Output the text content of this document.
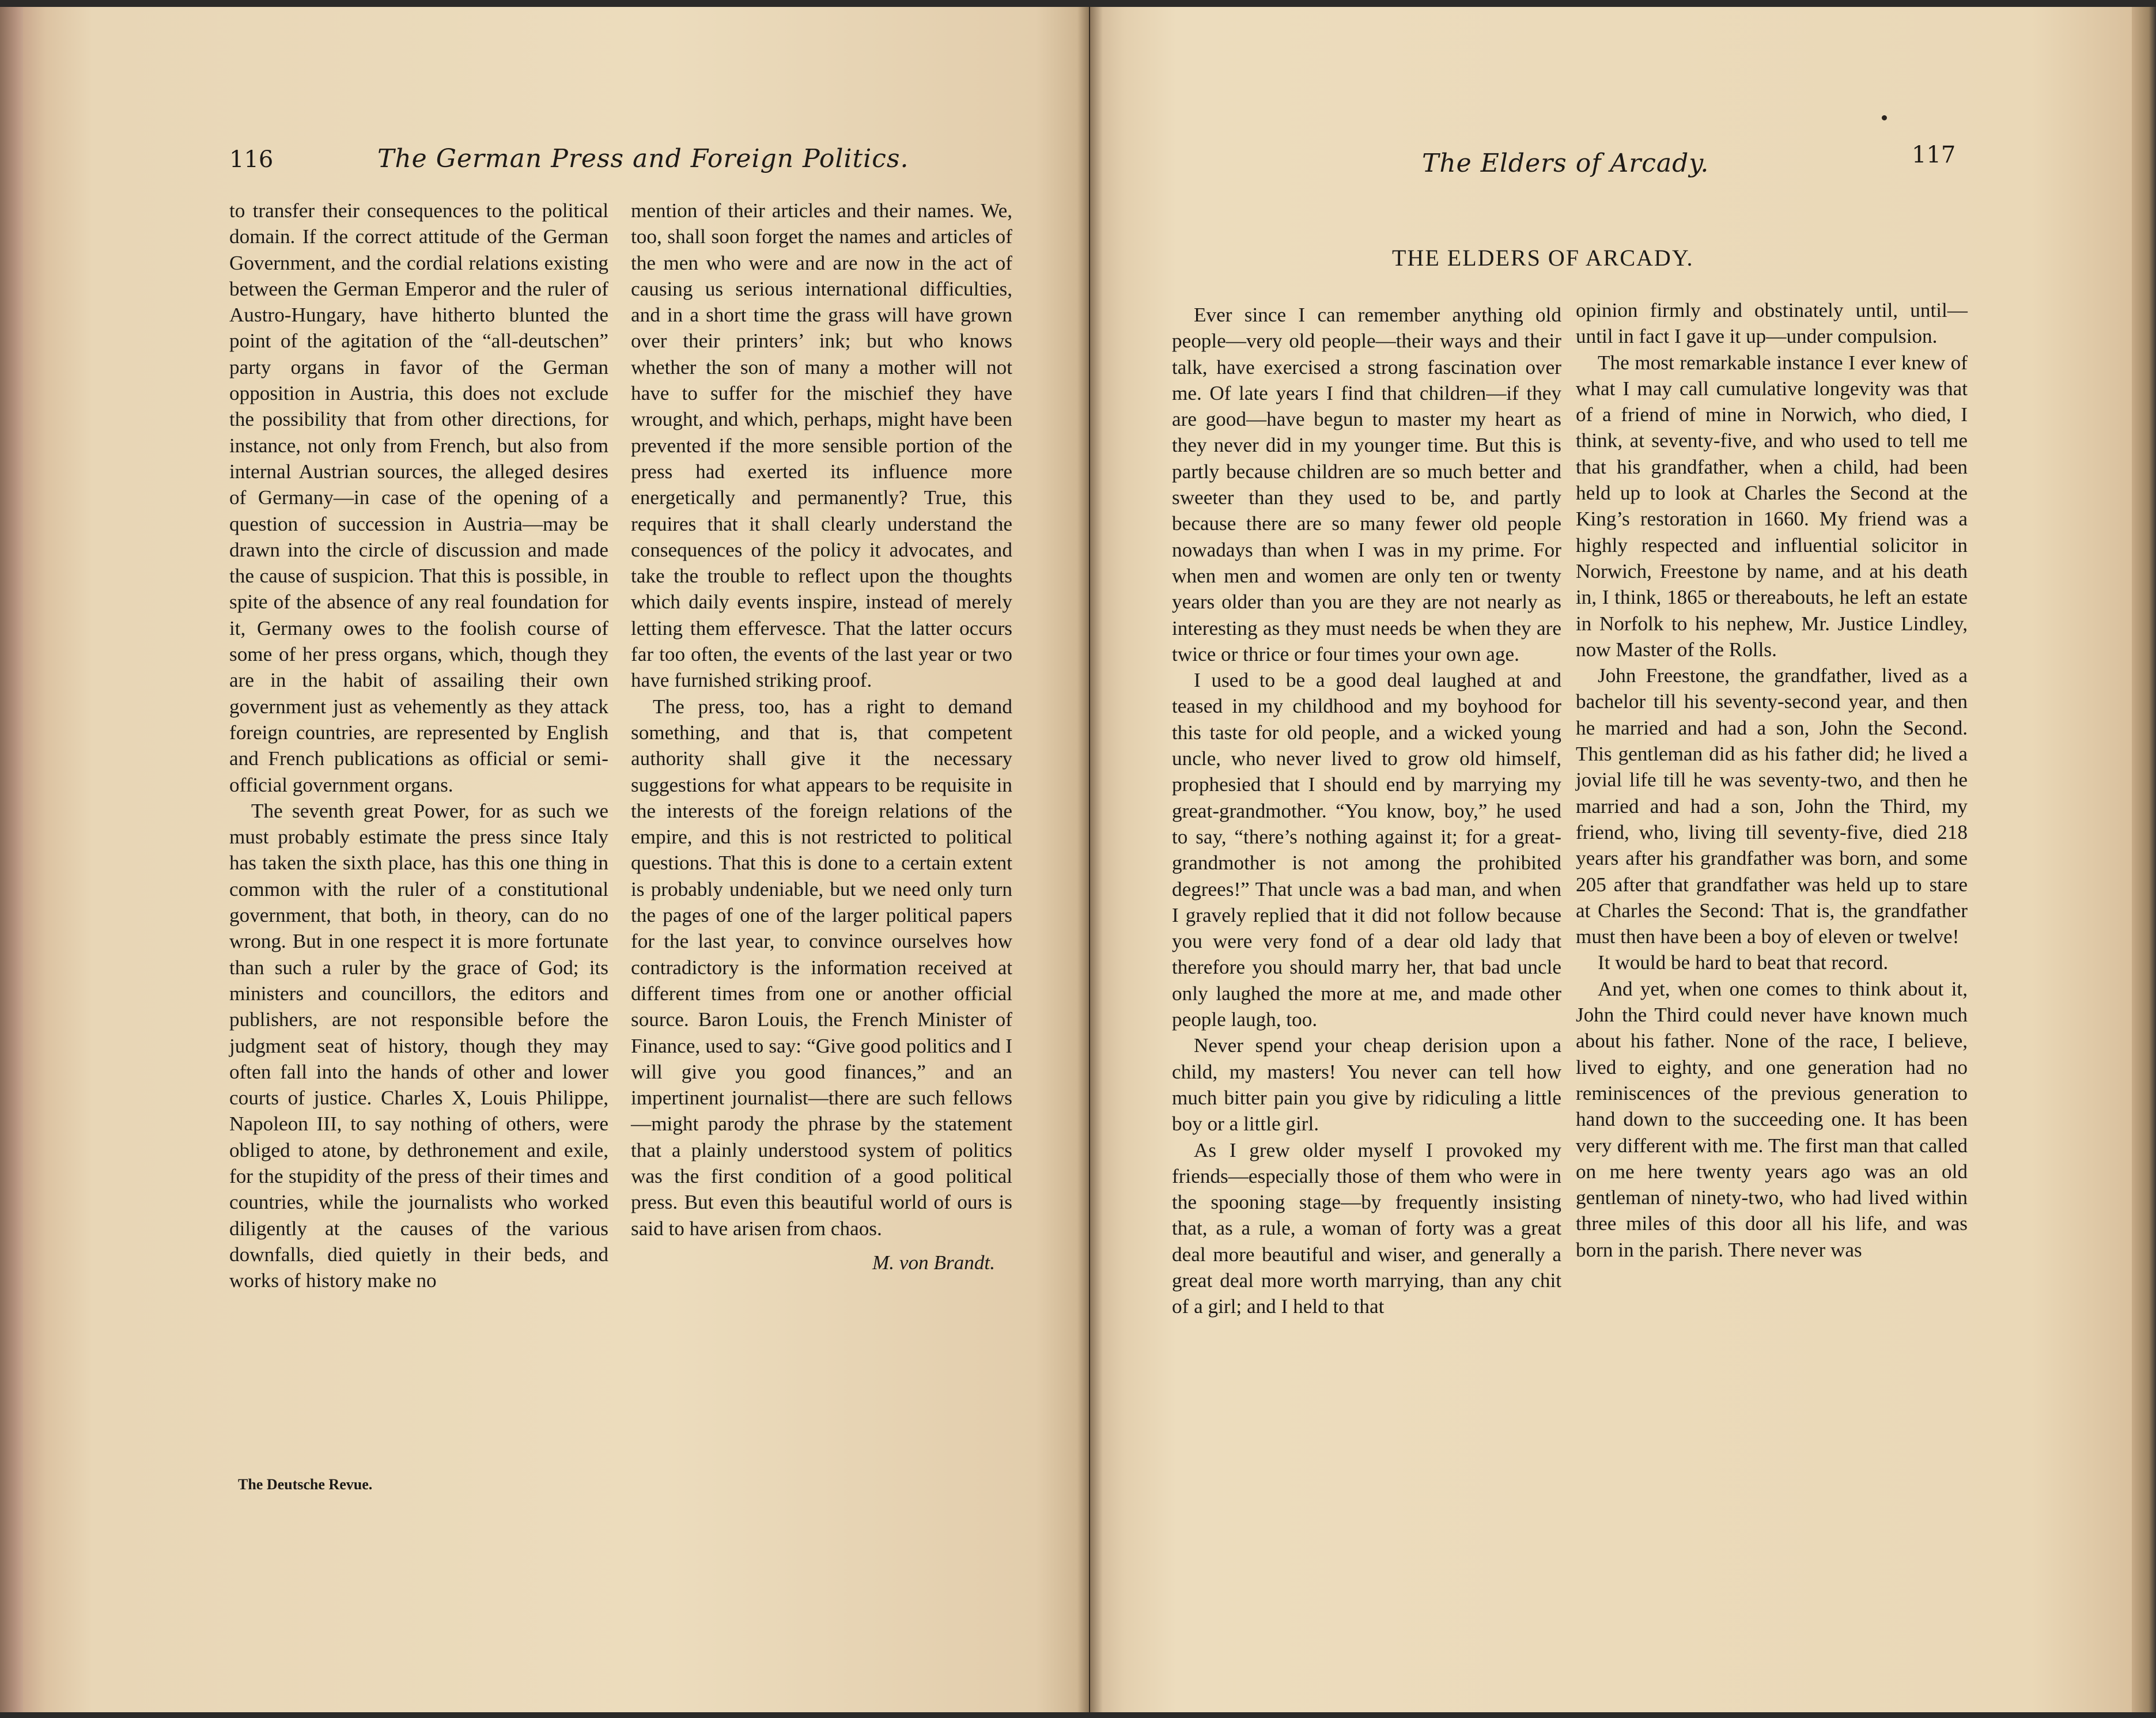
116	The German Press and Foreign Politics.

to transfer their consequences to the political domain. If the correct attitude of the German Government, and the cordial relations existing between the German Emperor and the ruler of Austro-Hungary, have hitherto blunted the point of the agitation of the “all-deutschen” party organs in favor of the German opposition in Austria, this does not exclude the possibility that from other directions, for instance, not only from French, but also from internal Austrian sources, the alleged desires of Germany—in case of the opening of a question of succession in Austria—may be drawn into the circle of discussion and made the cause of suspicion. That this is possible, in spite of the absence of any real foundation for it, Germany owes to the foolish course of some of her press organs, which, though they are in the habit of assailing their own government just as vehemently as they attack foreign countries, are represented by English and French publications as official or semi-official government organs.

The seventh great Power, for as such we must probably estimate the press since Italy has taken the sixth place, has this one thing in common with the ruler of a constitutional government, that both, in theory, can do no wrong. But in one respect it is more fortunate than such a ruler by the grace of God; its ministers and councillors, the editors and publishers, are not responsible before the judgment seat of history, though they may often fall into the hands of other and lower courts of justice. Charles X, Louis Philippe, Napoleon III, to say nothing of others, were obliged to atone, by dethronement and exile, for the stupidity of the press of their times and countries, while the journalists who worked diligently at the causes of the various downfalls, died quietly in their beds, and works of history make no

The Deutsche Revue.

mention of their articles and their names. We, too, shall soon forget the names and articles of the men who were and are now in the act of causing us serious international difficulties, and in a short time the grass will have grown over their printers’ ink; but who knows whether the son of many a mother will not have to suffer for the mischief they have wrought, and which, perhaps, might have been prevented if the more sensible portion of the press had exerted its influence more energetically and permanently? True, this requires that it shall clearly understand the consequences of the policy it advocates, and take the trouble to reflect upon the thoughts which daily events inspire, instead of merely letting them effervesce. That the latter occurs far too often, the events of the last year or two have furnished striking proof.

The press, too, has a right to demand something, and that is, that competent authority shall give it the necessary suggestions for what appears to be requisite in the interests of the foreign relations of the empire, and this is not restricted to political questions. That this is done to a certain extent is probably undeniable, but we need only turn the pages of one of the larger political papers for the last year, to convince ourselves how contradictory is the information received at different times from one or another official source. Baron Louis, the French Minister of Finance, used to say: “Give good politics and I will give you good finances,” and an impertinent journalist—there are such fellows—might parody the phrase by the statement that a plainly understood system of politics was the first condition of a good political press. But even this beautiful world of ours is said to have arisen from chaos.

M. von Brandt.

The Elders of Arcady.	117
THE ELDERS OF ARCADY.

Ever since I can remember anything old people—very old people—their ways and their talk, have exercised a strong fascination over me. Of late years I find that children—if they are good—have begun to master my heart as they never did in my younger time. But this is partly because children are so much better and sweeter than they used to be, and partly because there are so many fewer old people nowadays than when I was in my prime. For when men and women are only ten or twenty years older than you are they are not nearly as interesting as they must needs be when they are twice or thrice or four times your own age.

I used to be a good deal laughed at and teased in my childhood and my boyhood for this taste for old people, and a wicked young uncle, who never lived to grow old himself, prophesied that I should end by marrying my great-grandmother. “You know, boy,” he used to say, “there’s nothing against it; for a great-grandmother is not among the prohibited degrees!” That uncle was a bad man, and when I gravely replied that it did not follow because you were very fond of a dear old lady that therefore you should marry her, that bad uncle only laughed the more at me, and made other people laugh, too.

Never spend your cheap derision upon a child, my masters! You never can tell how much bitter pain you give by ridiculing a little boy or a little girl.

As I grew older myself I provoked my friends—especially those of them who were in the spooning stage—by frequently insisting that, as a rule, a woman of forty was a great deal more beautiful and wiser, and generally a great deal more worth marrying, than any chit of a girl; and I held to that

opinion firmly and obstinately until, until—until in fact I gave it up—under compulsion.

The most remarkable instance I ever knew of what I may call cumulative longevity was that of a friend of mine in Norwich, who died, I think, at seventy-five, and who used to tell me that his grandfather, when a child, had been held up to look at Charles the Second at the King’s restoration in 1660. My friend was a highly respected and influential solicitor in Norwich, Freestone by name, and at his death in, I think, 1865 or thereabouts, he left an estate in Norfolk to his nephew, Mr. Justice Lindley, now Master of the Rolls.

John Freestone, the grandfather, lived as a bachelor till his seventy-second year, and then he married and had a son, John the Second. This gentleman did as his father did; he lived a jovial life till he was seventy-two, and then he married and had a son, John the Third, my friend, who, living till seventy-five, died 218 years after his grandfather was born, and some 205 after that grandfather was held up to stare at Charles the Second: That is, the grandfather must then have been a boy of eleven or twelve!

It would be hard to beat that record.

And yet, when one comes to think about it, John the Third could never have known much about his father. None of the race, I believe, lived to eighty, and one generation had no reminiscences of the previous generation to hand down to the succeeding one. It has been very different with me. The first man that called on me here twenty years ago was an old gentleman of ninety-two, who had lived within three miles of this door all his life, and was born in the parish. There never was
